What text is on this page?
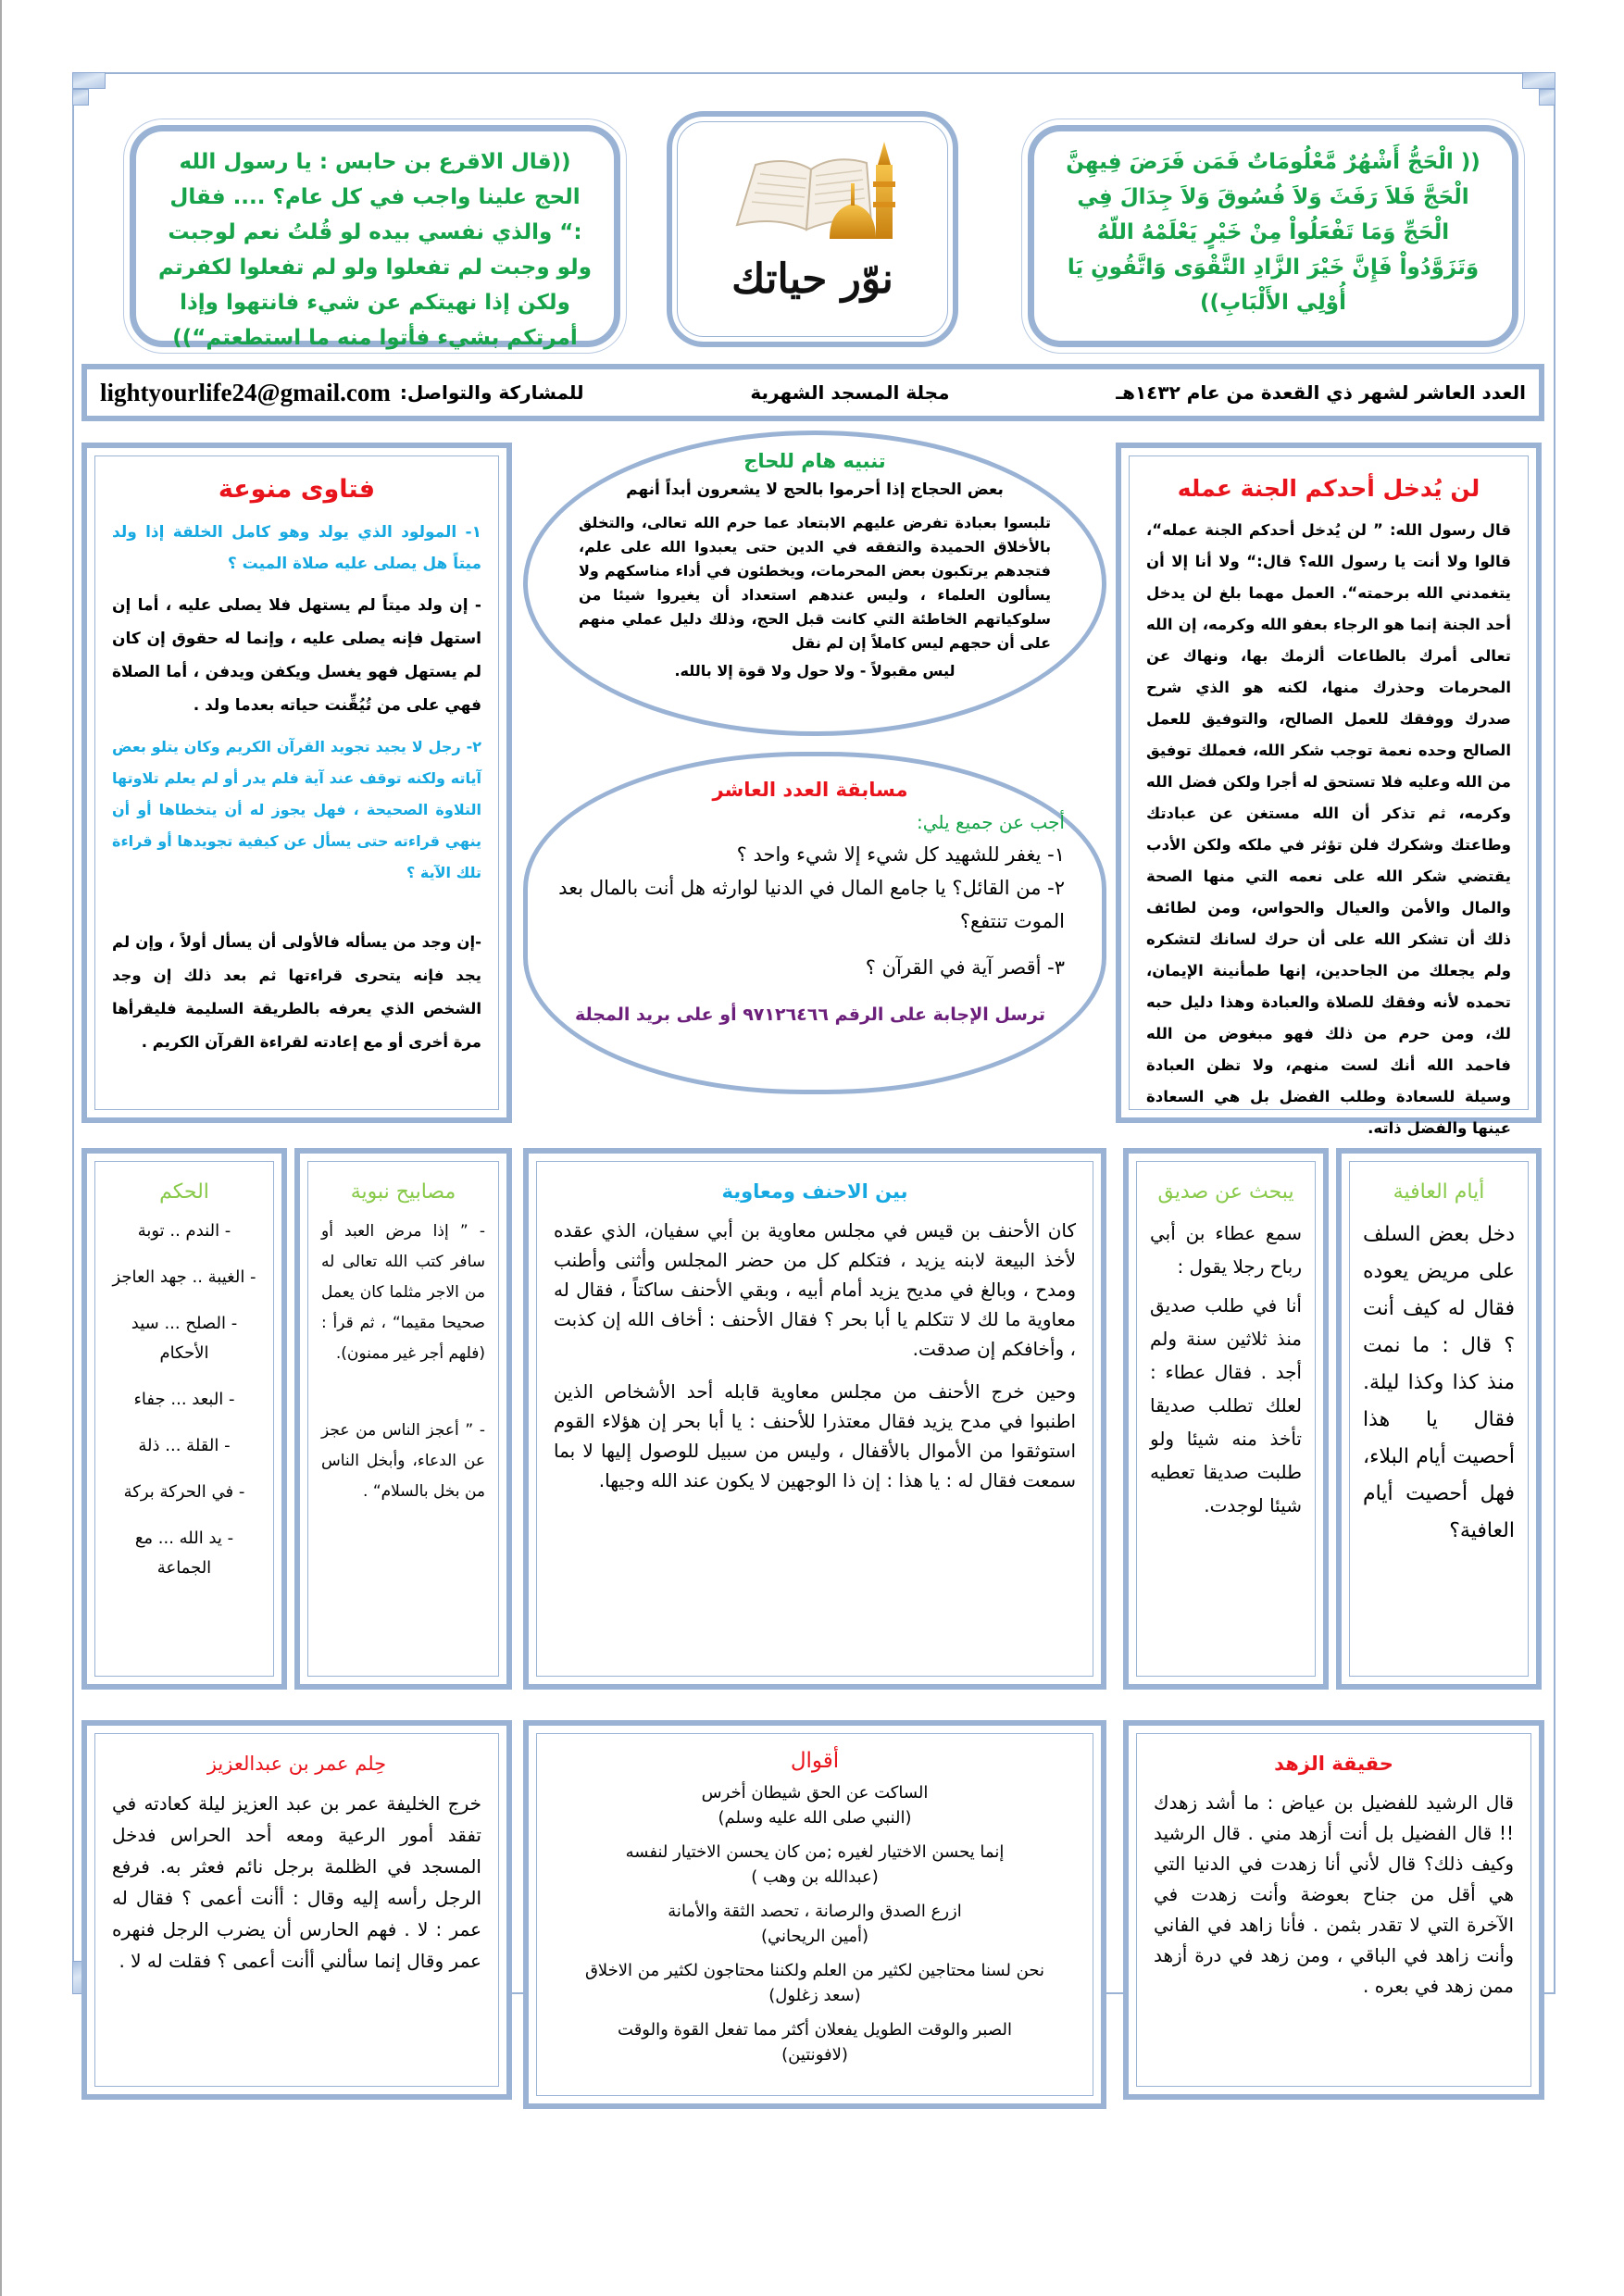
(( الْحَجُّ أَشْهُرٌ مَّعْلُومَاتٌ فَمَن فَرَضَ فِيهِنَّ الْحَجَّ فَلاَ رَفَثَ وَلاَ فُسُوقَ وَلاَ جِدَالَ فِي الْحَجِّ وَمَا تَفْعَلُواْ مِنْ خَيْرٍ يَعْلَمْهُ اللّهُ وَتَزَوَّدُواْ فَإِنَّ خَيْرَ الزَّادِ التَّقْوَى وَاتَّقُونِ يَا أُوْلِي الأَلْبَابِ))
نوّر حياتك
((قال الاقرع بن حابس : يا رسول الله الحج علينا واجب في كل عام؟ .... فقال :“ والذي نفسي بيده لو قُلتُ نعم لوجبت ولو وجبت لم تفعلوا ولو لم تفعلوا لكفرتم ولكن إذا نهيتكم عن شيء فانتهوا وإذا أمرتكم بشيء فأتوا منه ما استطعتم“))
العدد العاشر لشهر ذي القعدة من عام ١٤٣٢هـ
مجلة المسجد الشهرية
للمشاركة والتواصل:
lightyourlife24@gmail.com
لن يُدخل أحدكم الجنة عمله
قال رسول الله: ” لن يُدخل أحدكم الجنة عمله“، قالوا ولا أنت يا رسول الله؟ قال:“ ولا أنا إلا أن يتغمدني الله برحمته“. العمل مهما بلغ لن يدخل أحد الجنة إنما هو الرجاء بعفو الله وكرمه، إن الله تعالى أمرك بالطاعات ألزمك بها، ونهاك عن المحرمات وحذرك منها، لكنه هو الذي شرح صدرك ووفقك للعمل الصالح، والتوفيق للعمل الصالح وحده نعمة توجب شكر الله، فعملك توفيق من الله وعليه فلا تستحق له أجرا ولكن فضل الله وكرمه، ثم تذكر أن الله مستغن عن عبادتك وطاعتك وشكرك فلن تؤثر في ملكه ولكن الأدب يقتضي شكر الله على نعمه التي منها الصحة والمال والأمن والعيال والحواس، ومن لطائف ذلك أن تشكر الله على أن حرك لسانك لتشكره ولم يجعلك من الجاحدين، إنها طمأنينة الإيمان، تحمده لأنه وفقك للصلاة والعبادة وهذا دليل حبه لك، ومن حرم من ذلك فهو مبغوض من الله فاحمد الله أنك لست منهم، ولا تظن العبادة وسيلة للسعادة وطلب الفضل بل هي السعادة عينها والفضل ذاته.
تنبيه هام للحاج
بعض الحجاج إذا أحرموا بالحج لا يشعرون أبداً أنهم
تلبسوا بعبادة تفرض عليهم الابتعاد عما حرم الله تعالى، والتخلق بالأخلاق الحميدة والتفقه في الدين حتى يعبدوا الله على علم، فتجدهم يرتكبون بعض المحرمات، ويخطئون في أداء مناسكهم ولا يسألون العلماء ، وليس عندهم استعداد أن يغيروا شيئا من سلوكياتهم الخاطئة التي كانت قبل الحج، وذلك دليل عملي منهم على أن حجهم ليس كاملاً إن لم نقل
ليس مقبولاً - ولا حول ولا قوة إلا بالله.
مسابقة العدد العاشر
أجب عن جميع يلي:
١- يغفر للشهيد كل شيء إلا شيء واحد ؟
٢- من القائل؟ يا جامع المال في الدنيا لوارثه هل أنت بالمال بعد الموت تنتفع؟
٣- أقصر آية في القرآن ؟
ترسل الإجابة على الرقم ٩٧١٢٦٤٦٦ أو على بريد المجلة
فتاوى منوعة
١- المولود الذي يولد وهو كامل الخلقة إذا ولد ميتاً هل يصلى عليه صلاة الميت ؟
- إن ولد ميتاً لم يستهل فلا يصلى عليه ، أما إن استهل فإنه يصلى عليه ، وإنما له حقوق إن كان لم يستهل فهو يغسل ويكفن ويدفن ، أما الصلاة فهي على من تُيُقِّنت حياته بعدما ولد .
٢- رجل لا يجيد تجويد القرآن الكريم وكان يتلو بعض آياته ولكنه توقف عند آية فلم يدر أو لم يعلم تلاوتها التلاوة الصحيحة ، فهل يجوز له أن يتخطاها أو أن ينهي قراءته حتى يسأل عن كيفية تجويدها أو قراءة تلك الآية ؟
-إن وجد من يسأله فالأولى أن يسأل أولاً ، وإن لم يجد فإنه يتحرى قراءتها ثم بعد ذلك إن وجد الشخص الذي يعرفه بالطريقة السليمة فليقرأها مرة أخرى أو مع إعادته لقراءة القرآن الكريم .
أيام العافية
دخل بعض السلف على مريض يعوده فقال له كيف أنت ؟ قال : ما نمت منذ كذا وكذا ليلة. فقال يا هذا أحصيت أيام البلاء، فهل أحصيت أيام العافية؟
يبحث عن صديق
سمع عطاء بن أبي رباح رجلا يقول :
أنا في طلب صديق منذ ثلاثين سنة ولم أجد . فقال عطاء : لعلك تطلب صديقا تأخذ منه شيئا ولو طلبت صديقا تعطيه شيئا لوجدت.
بين الاحنف ومعاوية
كان الأحنف بن قيس في مجلس معاوية بن أبي سفيان، الذي عقده لأخذ البيعة لابنه يزيد ، فتكلم كل من حضر المجلس وأثنى وأطنب ومدح ، وبالغ في مديح يزيد أمام أبيه ، وبقي الأحنف ساكتاً ، فقال له معاوية ما لك لا تتكلم يا أبا بحر ؟ فقال الأحنف : أخاف الله إن كذبت ، وأخافكم إن صدقت.
وحين خرج الأحنف من مجلس معاوية قابله أحد الأشخاص الذين اطنبوا في مدح يزيد فقال معتذرا للأحنف : يا أبا بحر إن هؤلاء القوم استوثقوا من الأموال بالأقفال ، وليس من سبيل للوصول إليها لا بما سمعت فقال له : يا هذا : إن ذا الوجهين لا يكون عند الله وجيها.
مصابيح نبوية
- ” إذا مرض العبد أو سافر كتب الله تعالى له من الاجر مثلما كان يعمل صحيحا مقيما“ ، ثم قرأ : (فلهم أجر غير ممنون).
- ” أعجز الناس من عجز عن الدعاء، وأبخل الناس من بخل بالسلام“ .
الحكم
- الندم .. توبة
- الغيبة .. جهد العاجز
- الصلح ... سيد الأحكام
- البعد ... جفاء
- القلة ... ذلة
- في الحركة بركة
- يد الله ... مع الجماعة
حقيقة الزهد
قال الرشيد للفضيل بن عياض : ما أشد زهدك !! قال الفضيل بل أنت أزهد مني . قال الرشيد وكيف ذلك؟ قال لأني أنا زهدت في الدنيا التي هي أقل من جناح بعوضة وأنت زهدت في الآخرة التي لا تقدر بثمن . فأنا زاهد في الفاني وأنت زاهد في الباقي ، ومن زهد في درة أزهد ممن زهد في بعره .
أقوال
الساكت عن الحق شيطان أخرس
(النبي صلى الله عليه وسلم)
إنما يحسن الاختيار لغيره ;من كان يحسن الاختيار لنفسه
(عبدالله بن وهب )
ازرع الصدق والرصانة ، تحصد الثقة والأمانة
(أمين الريحاني)
نحن لسنا محتاجين لكثير من العلم ولكننا محتاجون لكثير من الاخلاق
(سعد زغلول)
الصبر والوقت الطويل يفعلان أكثر مما تفعل القوة والوقت
(لافونتين)
حِلم عمر بن عبدالعزيز
خرج الخليفة عمر بن عبد العزيز ليلة كعادته في تفقد أمور الرعية ومعه أحد الحراس فدخل المسجد في الظلمة برجل نائم فعثر به. فرفع الرجل رأسه إليه وقال : أأنت أعمى ؟ فقال له عمر : لا . فهم الحارس أن يضرب الرجل فنهره عمر وقال إنما سألني أأنت أعمى ؟ فقلت له لا .
